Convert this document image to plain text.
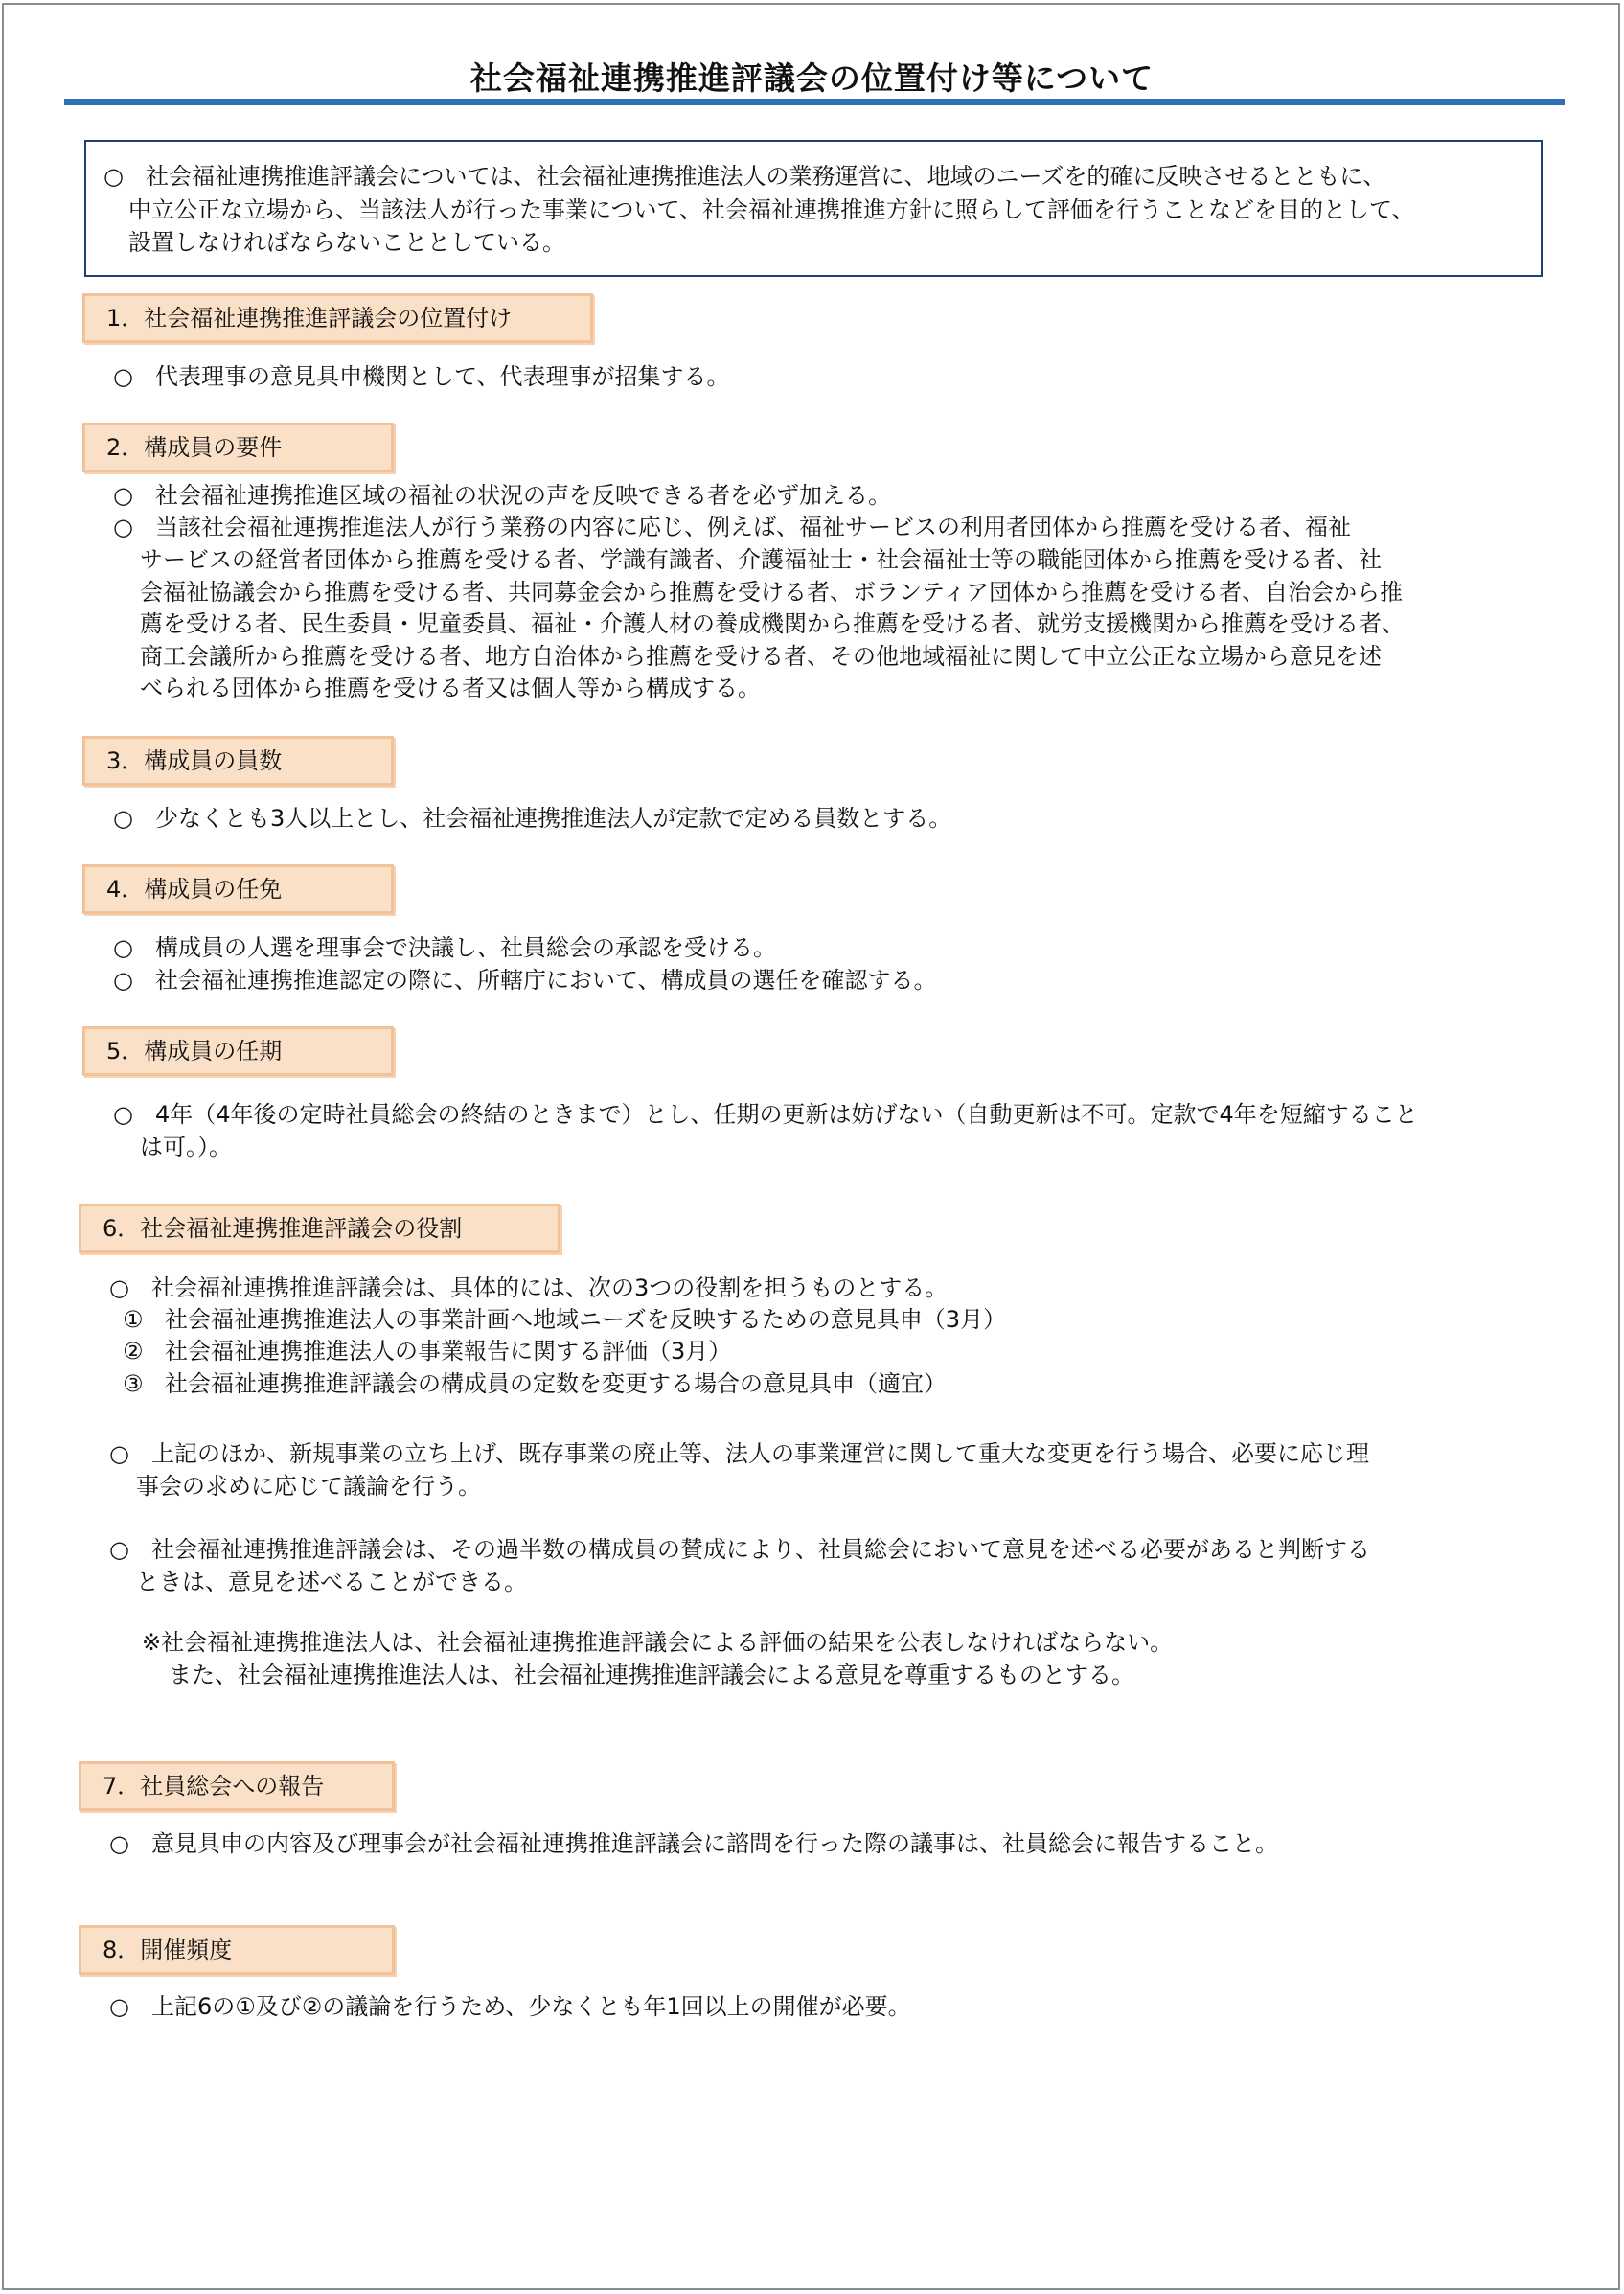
社会福祉連携推進評議会の位置付け等について
○ 社会福祉連携推進評議会については、社会福祉連携推進法人の業務運営に、地域のニーズを的確に反映させるとともに、
中立公正な立場から、当該法人が行った事業について、社会福祉連携推進方針に照らして評価を行うことなどを目的として、
設置しなければならないこととしている。
1．社会福祉連携推進評議会の位置付け
○ 代表理事の意見具申機関として、代表理事が招集する。
2．構成員の要件
○ 社会福祉連携推進区域の福祉の状況の声を反映できる者を必ず加える。
○ 当該社会福祉連携推進法人が行う業務の内容に応じ、例えば、福祉サービスの利用者団体から推薦を受ける者、福祉
サービスの経営者団体から推薦を受ける者、学識有識者、介護福祉士・社会福祉士等の職能団体から推薦を受ける者、社
会福祉協議会から推薦を受ける者、共同募金会から推薦を受ける者、ボランティア団体から推薦を受ける者、自治会から推
薦を受ける者、民生委員・児童委員、福祉・介護人材の養成機関から推薦を受ける者、就労支援機関から推薦を受ける者、
商工会議所から推薦を受ける者、地方自治体から推薦を受ける者、その他地域福祉に関して中立公正な立場から意見を述
べられる団体から推薦を受ける者又は個人等から構成する。
3．構成員の員数
○ 少なくとも3人以上とし、社会福祉連携推進法人が定款で定める員数とする。
4．構成員の任免
○ 構成員の人選を理事会で決議し、社員総会の承認を受ける。
○ 社会福祉連携推進認定の際に、所轄庁において、構成員の選任を確認する。
5．構成員の任期
○ 4年（4年後の定時社員総会の終結のときまで）とし、任期の更新は妨げない（自動更新は不可。定款で4年を短縮すること
は可。）。
6．社会福祉連携推進評議会の役割
○ 社会福祉連携推進評議会は、具体的には、次の3つの役割を担うものとする。
① 社会福祉連携推進法人の事業計画へ地域ニーズを反映するための意見具申（3月）
② 社会福祉連携推進法人の事業報告に関する評価（3月）
③ 社会福祉連携推進評議会の構成員の定数を変更する場合の意見具申（適宜）
○ 上記のほか、新規事業の立ち上げ、既存事業の廃止等、法人の事業運営に関して重大な変更を行う場合、必要に応じ理
事会の求めに応じて議論を行う。
○ 社会福祉連携推進評議会は、その過半数の構成員の賛成により、社員総会において意見を述べる必要があると判断する
ときは、意見を述べることができる。
※社会福祉連携推進法人は、社会福祉連携推進評議会による評価の結果を公表しなければならない。
また、社会福祉連携推進法人は、社会福祉連携推進評議会による意見を尊重するものとする。
7．社員総会への報告
○ 意見具申の内容及び理事会が社会福祉連携推進評議会に諮問を行った際の議事は、社員総会に報告すること。
8．開催頻度
○ 上記6の①及び②の議論を行うため、少なくとも年1回以上の開催が必要。
